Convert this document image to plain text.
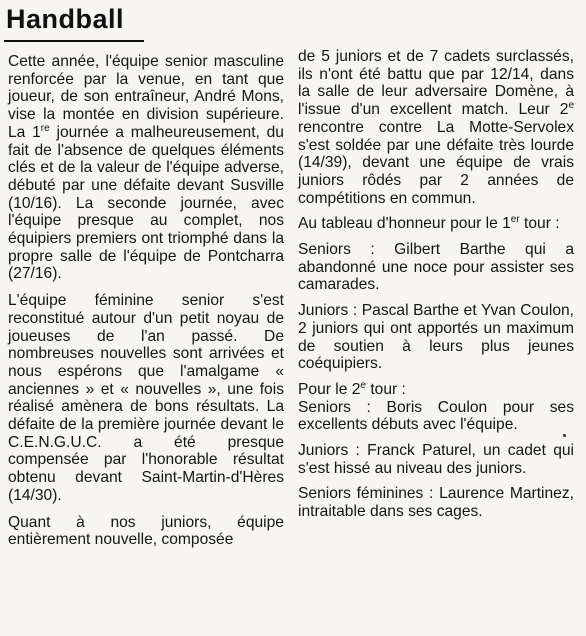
Handball

Cette année, l'équipe senior masculine renforcée par la venue, en tant que joueur, de son entraîneur, André Mons, vise la montée en division supérieure. La 1re journée a malheureusement, du fait de l'absence de quelques éléments clés et de la valeur de l'équipe adverse, débuté par une défaite devant Susville (10/16). La seconde journée, avec l'équipe presque au complet, nos équipiers premiers ont triomphé dans la propre salle de l'équipe de Pontcharra (27/16).

L'équipe féminine senior s'est reconstitué autour d'un petit noyau de joueuses de l'an passé. De nombreuses nouvelles sont arrivées et nous espérons que l'amalgame « anciennes » et « nouvelles », une fois réalisé amènera de bons résultats. La défaite de la première journée devant le C.E.N.G.U.C. a été presque compensée par l'honorable résultat obtenu devant Saint-Martin-d'Hères (14/30).

Quant à nos juniors, équipe entièrement nouvelle, composée

de 5 juniors et de 7 cadets surclassés, ils n'ont été battu que par 12/14, dans la salle de leur adversaire Domène, à l'issue d'un excellent match. Leur 2e rencontre contre La Motte-Servolex s'est soldée par une défaite très lourde (14/39), devant une équipe de vrais juniors rôdés par 2 années de compétitions en commun.

Au tableau d'honneur pour le 1er tour :

Seniors : Gilbert Barthe qui a abandonné une noce pour assister ses camarades.

Juniors : Pascal Barthe et Yvan Coulon, 2 juniors qui ont apportés un maximum de soutien à leurs plus jeunes coéquipiers.

Pour le 2e tour :

Seniors : Boris Coulon pour ses excellents débuts avec l'équipe.

Juniors : Franck Paturel, un cadet qui s'est hissé au niveau des juniors.

Seniors féminines : Laurence Martinez, intraitable dans ses cages.
